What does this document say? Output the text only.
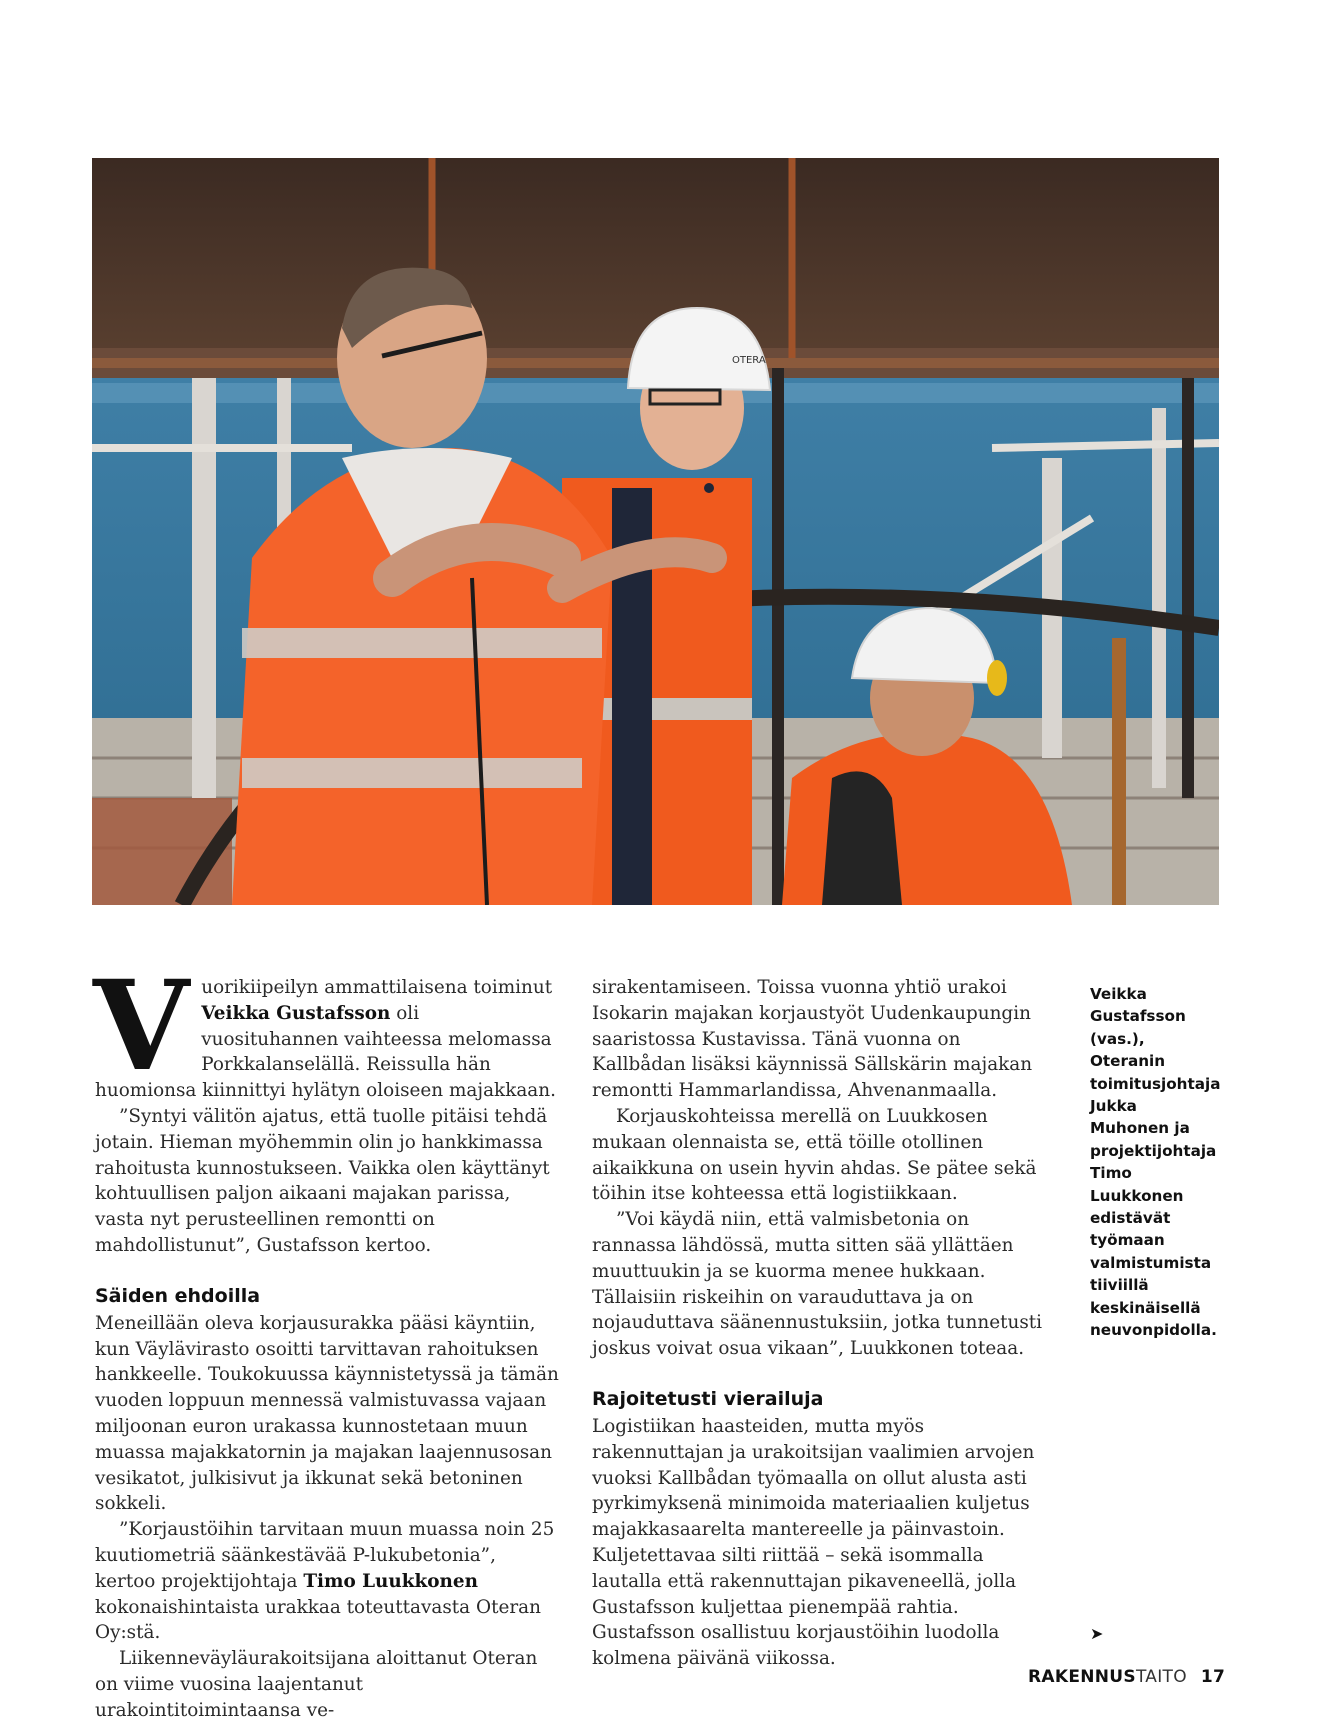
OTERA

Vuorikiipeilyn ammattilaisena toiminut Veikka Gustafsson oli vuosituhannen vaihteessa melomassa Porkkalanselällä. Reissulla hän huomionsa kiinnittyi hylätyn oloiseen majakkaan.

”Syntyi välitön ajatus, että tuolle pitäisi tehdä jotain. Hieman myöhemmin olin jo hankkimassa rahoitusta kunnostukseen. Vaikka olen käyttänyt kohtuullisen paljon aikaani majakan parissa, vasta nyt perusteellinen remontti on mahdollistunut”, Gustafsson kertoo.

Säiden ehdoilla

Meneillään oleva korjausurakka pääsi käyntiin, kun Väylävirasto osoitti tarvittavan rahoituksen hankkeelle. Toukokuussa käynnistetyssä ja tämän vuoden loppuun mennessä valmistuvassa vajaan miljoonan euron urakassa kunnostetaan muun muassa majakkatornin ja majakan laajennusosan vesikatot, julkisivut ja ikkunat sekä betoninen sokkeli.

”Korjaustöihin tarvitaan muun muassa noin 25 kuutiometriä säänkestävää P-lukubetonia”, kertoo projektijohtaja Timo Luukkonen kokonaishintaista urakkaa toteuttavasta Oteran Oy:stä.

Liikenneväyläurakoitsijana aloittanut Oteran on viime vuosina laajentanut urakointitoimintaansa ve-

sirakentamiseen. Toissa vuonna yhtiö urakoi Isokarin majakan korjaustyöt Uudenkaupungin saaristossa Kustavissa. Tänä vuonna on Kallbådan lisäksi käynnissä Sällskärin majakan remontti Hammarlandissa, Ahvenanmaalla.

Korjauskohteissa merellä on Luukkosen mukaan olennaista se, että töille otollinen aikaikkuna on usein hyvin ahdas. Se pätee sekä töihin itse kohteessa että logistiikkaan.

”Voi käydä niin, että valmisbetonia on rannassa lähdössä, mutta sitten sää yllättäen muuttuukin ja se kuorma menee hukkaan. Tällaisiin riskeihin on varauduttava ja on nojauduttava säänennustuksiin, jotka tunnetusti joskus voivat osua vikaan”, Luukkonen toteaa.

Rajoitetusti vierailuja

Logistiikan haasteiden, mutta myös rakennuttajan ja urakoitsijan vaalimien arvojen vuoksi Kallbådan työmaalla on ollut alusta asti pyrkimyksenä minimoida materiaalien kuljetus majakkasaarelta mantereelle ja päinvastoin. Kuljetettavaa silti riittää – sekä isommalla lautalla että rakennuttajan pikaveneellä, jolla Gustafsson kuljettaa pienempää rahtia. Gustafsson osallistuu korjaustöihin luodolla kolmena päivänä viikossa.

Veikka Gustafsson (vas.), Oteranin toimitusjohtaja Jukka Muhonen ja projektijohtaja Timo Luukkonen edistävät työmaan valmistumista tiiviillä keskinäisellä neuvonpidolla.
➤
RAKENNUSTAITO 17
